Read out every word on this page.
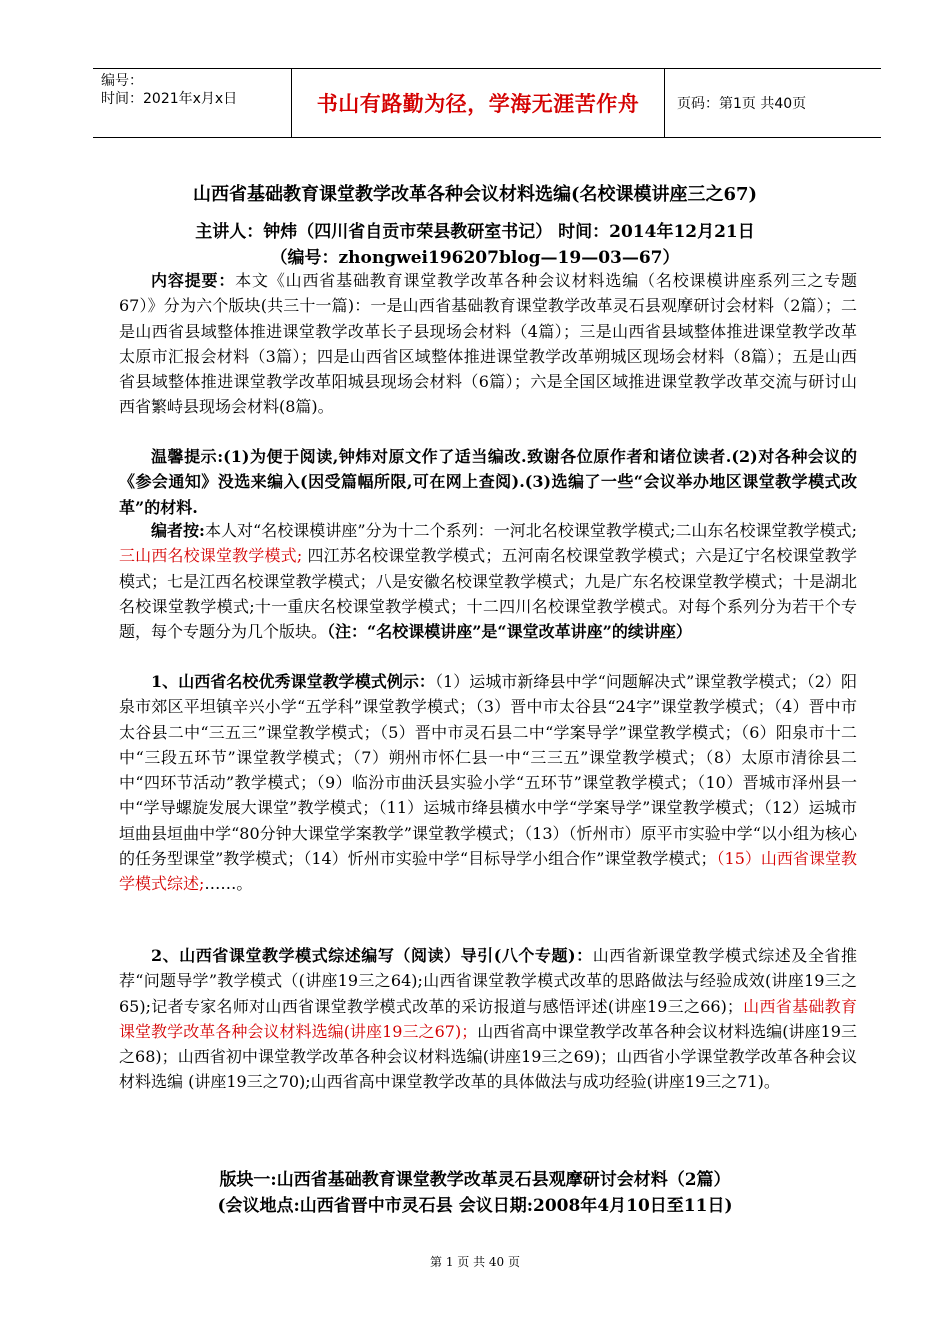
编号：
时间：2021年x月x日	书山有路勤为径，学海无涯苦作舟	页码：第1页 共40页
山西省基础教育课堂教学改革各种会议材料选编(名校课模讲座三之67)
主讲人：钟炜（四川省自贡市荣县教研室书记） 时间：2014年12月21日
（编号：zhongwei196207blog—19—03—67）
内容提要：本文《山西省基础教育课堂教学改革各种会议材料选编（名校课模讲座系列三之专题67）》分为六个版块(共三十一篇)：一是山西省基础教育课堂教学改革灵石县观摩研讨会材料（2篇）；二是山西省县域整体推进课堂教学改革长子县现场会材料（4篇）；三是山西省县域整体推进课堂教学改革太原市汇报会材料（3篇）；四是山西省区域整体推进课堂教学改革朔城区现场会材料（8篇）；五是山西省县域整体推进课堂教学改革阳城县现场会材料（6篇）；六是全国区域推进课堂教学改革交流与研讨山西省繁峙县现场会材料(8篇)。
温馨提示:(1)为便于阅读,钟炜对原文作了适当编改.致谢各位原作者和诸位读者.(2)对各种会议的《参会通知》没选来编入(因受篇幅所限,可在网上查阅).(3)选编了一些“会议举办地区课堂教学模式改革”的材料.
编者按:本人对“名校课模讲座”分为十二个系列：一河北名校课堂教学模式;二山东名校课堂教学模式;三山西名校课堂教学模式; 四江苏名校课堂教学模式；五河南名校课堂教学模式；六是辽宁名校课堂教学模式；七是江西名校课堂教学模式；八是安徽名校课堂教学模式；九是广东名校课堂教学模式；十是湖北名校课堂教学模式;十一重庆名校课堂教学模式；十二四川名校课堂教学模式。对每个系列分为若干个专题，每个专题分为几个版块。（注：“名校课模讲座”是“课堂改革讲座”的续讲座）
1、山西省名校优秀课堂教学模式例示：（1）运城市新绛县中学“问题解决式”课堂教学模式；（2）阳泉市郊区平坦镇辛兴小学“五学科”课堂教学模式；（3）晋中市太谷县“24字”课堂教学模式；（4）晋中市太谷县二中“三五三”课堂教学模式；（5）晋中市灵石县二中“学案导学”课堂教学模式；（6）阳泉市十二中“三段五环节”课堂教学模式；（7）朔州市怀仁县一中“三三五”课堂教学模式；（8）太原市清徐县二中“四环节活动”教学模式；（9）临汾市曲沃县实验小学“五环节”课堂教学模式；（10）晋城市泽州县一中“学导螺旋发展大课堂”教学模式；（11）运城市绛县横水中学“学案导学”课堂教学模式；（12）运城市垣曲县垣曲中学“80分钟大课堂学案教学”课堂教学模式；（13）（忻州市）原平市实验中学“以小组为核心的任务型课堂”教学模式；（14）忻州市实验中学“目标导学小组合作”课堂教学模式；（15）山西省课堂教学模式综述;……。
2、山西省课堂教学模式综述编写（阅读）导引(八个专题)：山西省新课堂教学模式综述及全省推荐“问题导学”教学模式（(讲座19三之64);山西省课堂教学模式改革的思路做法与经验成效(讲座19三之65);记者专家名师对山西省课堂教学模式改革的采访报道与感悟评述(讲座19三之66)；山西省基础教育课堂教学改革各种会议材料选编(讲座19三之67)；山西省高中课堂教学改革各种会议材料选编(讲座19三之68)；山西省初中课堂教学改革各种会议材料选编(讲座19三之69)；山西省小学课堂教学改革各种会议材料选编 (讲座19三之70);山西省高中课堂教学改革的具体做法与成功经验(讲座19三之71)。
版块一:山西省基础教育课堂教学改革灵石县观摩研讨会材料（2篇）
(会议地点:山西省晋中市灵石县 会议日期:2008年4月10日至11日)
第 1 页 共 40 页
